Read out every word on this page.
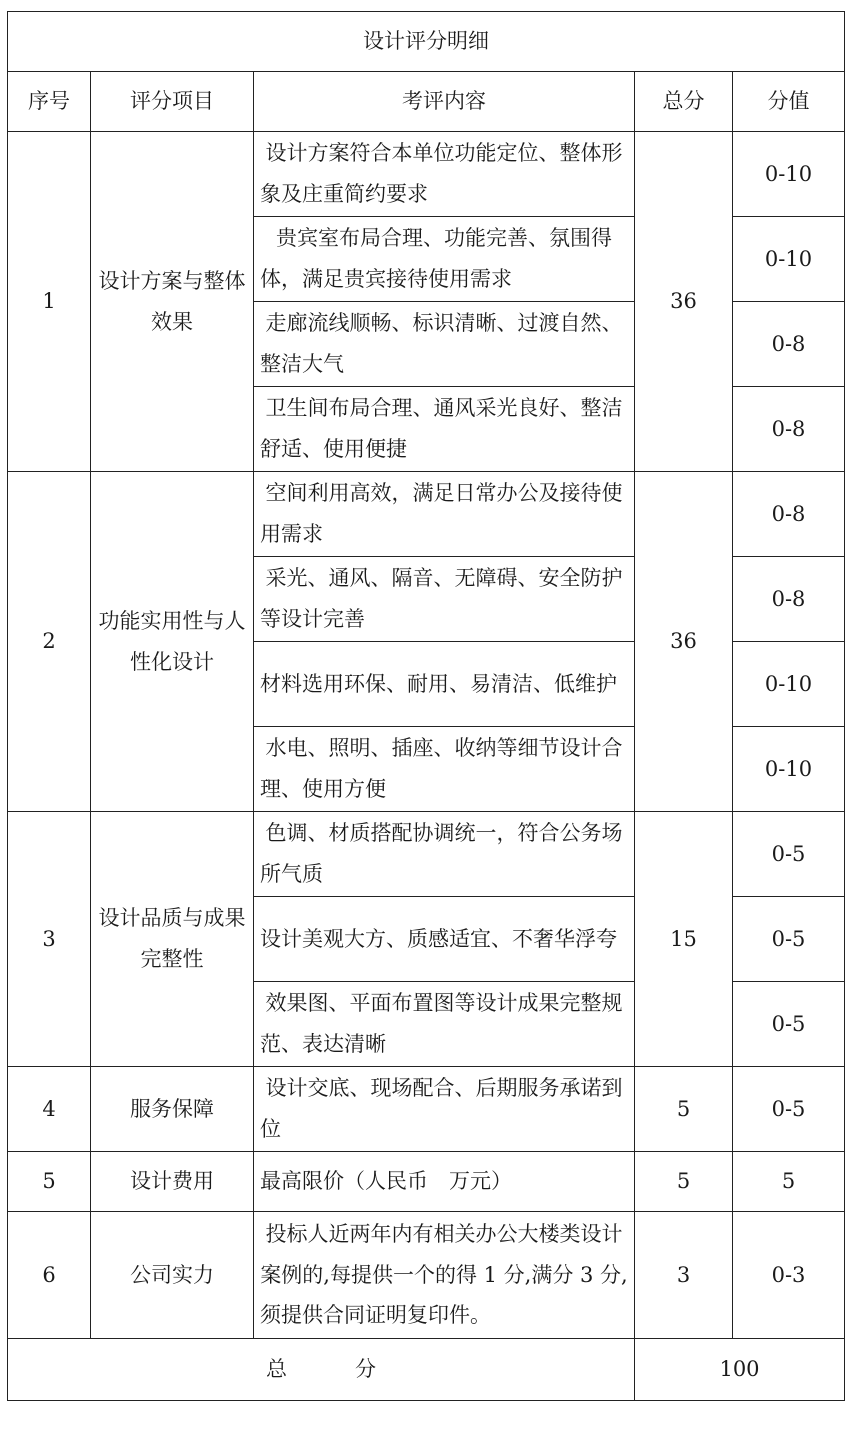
设计评分明细				
序号	评分项目	考评内容	总分	分值
1	设计方案与整体效果	设计方案符合本单位功能定位、整体形象及庄重简约要求	36	0-10
		贵宾室布局合理、功能完善、氛围得体，满足贵宾接待使用需求		0-10
		走廊流线顺畅、标识清晰、过渡自然、整洁大气		0-8
		卫生间布局合理、通风采光良好、整洁舒适、使用便捷		0-8
2	功能实用性与人性化设计	空间利用高效，满足日常办公及接待使用需求	36	0-8
		采光、通风、隔音、无障碍、安全防护等设计完善		0-8
		材料选用环保、耐用、易清洁、低维护		0-10
		水电、照明、插座、收纳等细节设计合理、使用方便		0-10
3	设计品质与成果完整性	色调、材质搭配协调统一，符合公务场所气质	15	0-5
		设计美观大方、质感适宜、不奢华浮夸		0-5
		效果图、平面布置图等设计成果完整规范、表达清晰		0-5
4	服务保障	设计交底、现场配合、后期服务承诺到位	5	0-5
5	设计费用	最高限价（人民币　万元）	5	5
6	公司实力	投标人近两年内有相关办公大楼类设计案例的,每提供一个的得 1 分,满分 3 分,须提供合同证明复印件。	3	0-3
总 分			100	
